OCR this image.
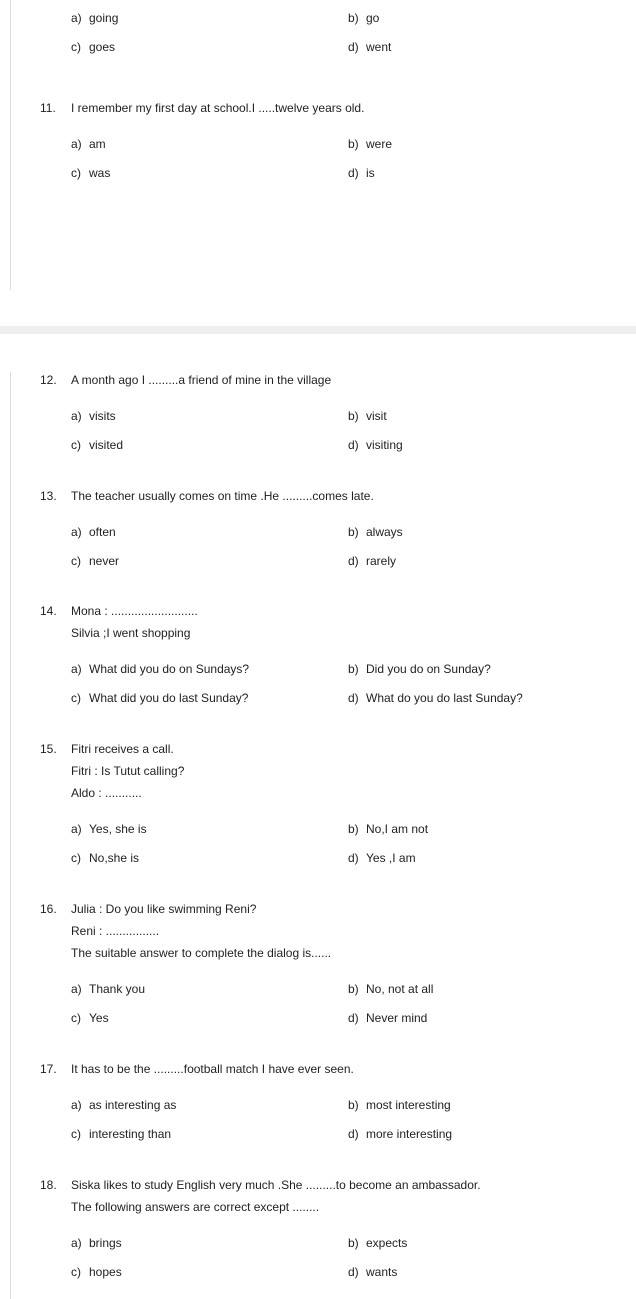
a) going	b) go
c) goes	d) went
11. I remember my first day at school.I .....twelve years old.
a) am	b) were
c) was	d) is
12. A month ago I .........a friend of mine in the village
a) visits	b) visit
c) visited	d) visiting
13. The teacher usually comes on time .He .........comes late.
a) often	b) always
c) never	d) rarely
14. Mona : ..........................
Silvia ;I went shopping
a) What did you do on Sundays?	b) Did you do on Sunday?
c) What did you do last Sunday?	d) What do you do last Sunday?
15. Fitri receives a call.
Fitri : Is Tutut calling?
Aldo : ...........
a) Yes, she is	b) No,I am not
c) No,she is	d) Yes ,I am
16. Julia : Do you like swimming Reni?
Reni : ................
The suitable answer to complete the dialog is......
a) Thank you	b) No, not at all
c) Yes	d) Never mind
17. It has to be the .........football match I have ever seen.
a) as interesting as	b) most interesting
c) interesting than	d) more interesting
18. Siska likes to study English very much .She .........to become an ambassador.
The following answers are correct except ........
a) brings	b) expects
c) hopes	d) wants
